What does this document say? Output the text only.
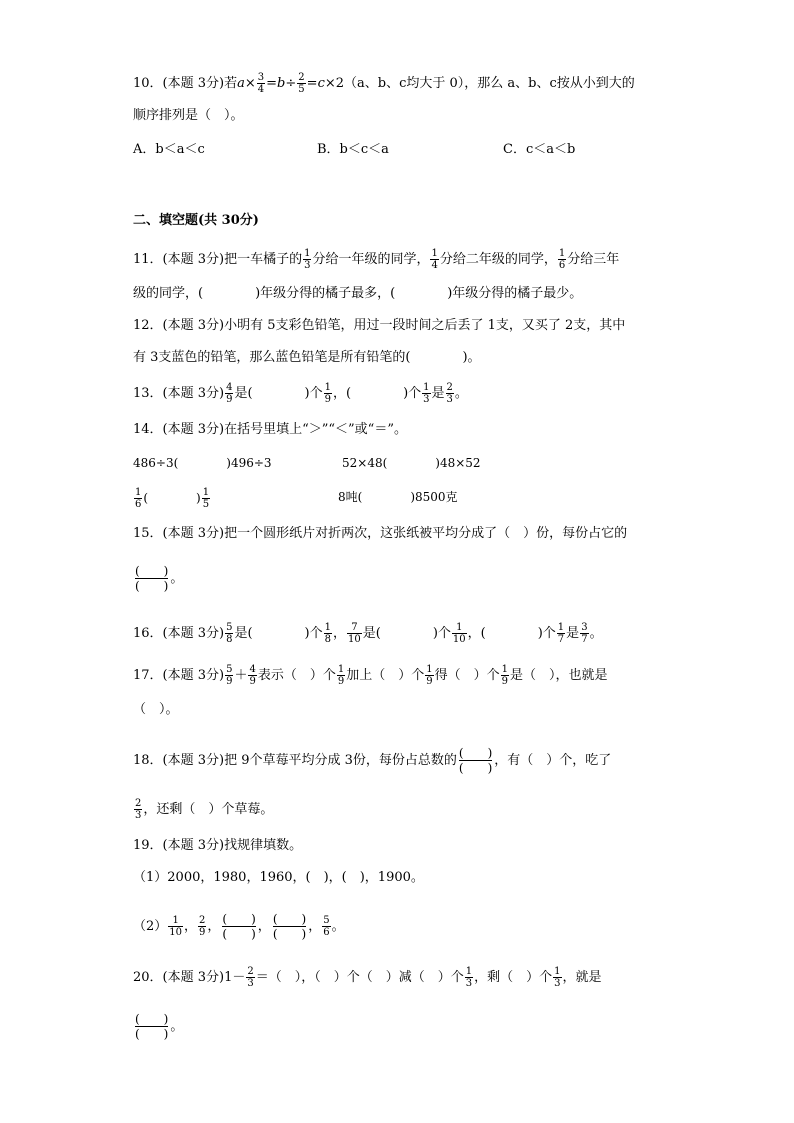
10．(本题 3分)若$a\times \frac{3}{4} =b\div \frac{2}{5} =c\times 2(a$、b、c均大于 0），那么 a、b、c按从小到大的
顺序排列是（　）。
A．b＜a＜c	B．b＜c＜a	C．c＜a＜b
二、填空题(共 30分)
11．(本题 3分)把一车橘子的 $\frac{1}{3}$ 分给一年级的同学， $\frac{1}{4}$ 分给二年级的同学， $\frac{1}{6}$ 分给三年
级的同学，(　　　　)年级分得的橘子最多，(　　　　)年级分得的橘子最少。
12．(本题 3分)小明有 5支彩色铅笔，用过一段时间之后丢了 1支，又买了 2支，其中
有 3支蓝色的铅笔，那么蓝色铅笔是所有铅笔的(　　　　)。
13．(本题 3分) $\frac{4}{9}$ 是(　　　　)个 $\frac{1}{9}$ ，(　　　　)个 $\frac{1}{3}$ 是 $\frac{2}{3}$ 。
14．(本题 3分)在括号里填上“＞”“＜”或“＝”。
486÷3(　　　　)496÷3	52×48(　　　　)48×52
$\frac{1}{6}$ (　　　　) $\frac{1}{5}$	8吨(　　　　)8500克
15．(本题 3分)把一个圆形纸片对折两次，这张纸被平均分成了（　）份，每份占它的
(　　)
(　　) 。
16．(本题 3分) $\frac{5}{8}$ 是(　　　　)个 $\frac{1}{8}$ ， $\frac{7}{10}$ 是(　　　　)个 $\frac{1}{10}$ ，(　　　　)个 $\frac{1}{7}$ 是 $\frac{3}{7}$ 。
17．(本题 3分) $\frac{5}{9} + \frac{4}{9}$ 表示（　）个 $\frac{1}{9}$ 加上（　）个 $\frac{1}{9}$ 得（　）个 $\frac{1}{9}$ 是（　），也就是
（　）。
18．(本题 3分)把 9个草莓平均分成 3份，每份占总数的 (　　)
(　　) ，有（　）个，吃了
$\frac{2}{3}$ ，还剩（　）个草莓。
19．(本题 3分)找规律填数。
（1）2000，1980，1960，(　)，(　)，1900。
$(2) \frac{1}{10}$ ， $\frac{2}{9}$ ， (　　)
(　　) ， (　　)
(　　) ， $\frac{5}{6}$ 。
20．(本题 3分)$1- \frac{2}{3}$ ＝（　），（　）个（　）减（　）个 $\frac{1}{3}$ ，剩（　）个 $\frac{1}{3}$ ，就是
(　　)
(　　) 。
